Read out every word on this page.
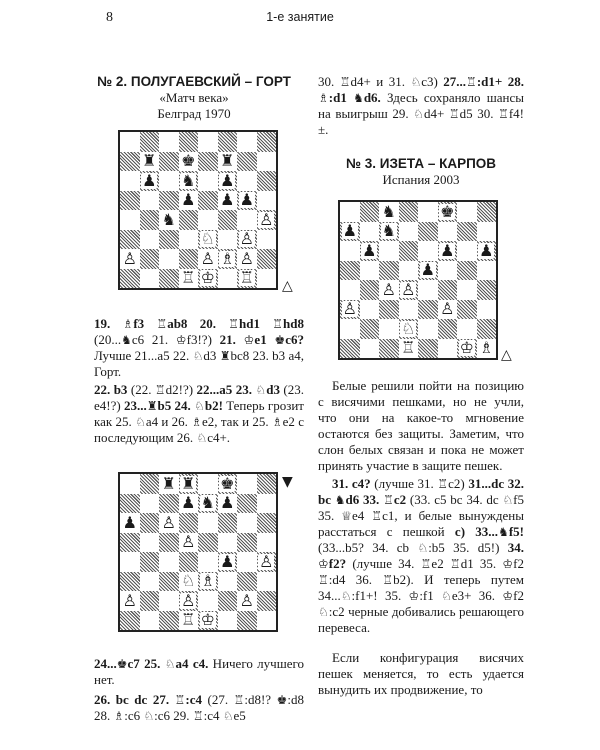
8	1-е занятие

№ 2. ПОЛУГАЕВСКИЙ – ГОРТ

«Матч века»

Белград 1970

♜ ♚ ♜
♟ ♞ ♟
♟ ♟ ♟
♞	♙
♘ ♙
♙	♙ ♗ ♙
♖ ♔ ♖ △

19. ♗f3 ♖ab8 20. ♖hd1 ♖hd8 (20...♞c6 21. ♔f3!?) 21. ♔e1 ♚c6? Лучше 21...a5 22. ♘d3 ♜bc8 23. b3 a4, Горт.

22. b3 (22. ♖d2!?) 22...a5 23. ♘d3 (23. e4!?) 23...♜b5 24. ♘b2! Теперь грозит как 25. ♘a4 и 26. ♗e2, так и 25. ♗e2 с последующим 26. ♘c4+.

♜ ♜ ♚
♟ ♞ ♟
♟ ♙
♙
♟ ♙
♘ ♗
♙	♙	♙
♖ ♔
▼

24...♚c7 25. ♘a4 c4. Ничего лучшего нет.

26. bc dc 27. ♖:c4 (27. ♖:d8!? ♚:d8 28. ♗:c6 ♘:c6 29. ♖:c4 ♘e5

30. ♖d4+ и 31. ♘c3) 27...♖:d1+ 28. ♗:d1 ♞d6. Здесь сохраняло шансы на выигрыш 29. ♘d4+ ♖d5 30. ♖f4!±.

№ 3. ИЗЕТА – КАРПОВ

Испания 2003

♞	♚
♟ ♞
♟	♟ ♟
♟
♙ ♙
♙	♙
♘
♖	♔ ♗ △

Белые решили пойти на позицию с висячими пешками, но не учли, что они на какое-то мгновение остаются без защиты. Заметим, что слон белых связан и пока не может принять участие в защите пешек.

31. c4? (лучше 31. ♖c2) 31...dc 32. bc ♞d6 33. ♖c2 (33. c5 bc 34. dc ♘f5 35. ♕e4 ♖c1, и белые вынуждены расстаться с пешкой с) 33...♞f5! (33...b5? 34. cb ♘:b5 35. d5!) 34. ♔f2? (лучше 34. ♖e2 ♖d1 35. ♔f2 ♖:d4 36. ♖b2). И теперь путем 34...♘:f1+! 35. ♔:f1 ♘e3+ 36. ♔f2 ♘:c2 черные добивались решающего перевеса.

Если конфигурация висячих пешек меняется, то есть удается вынудить их продвижение, то
